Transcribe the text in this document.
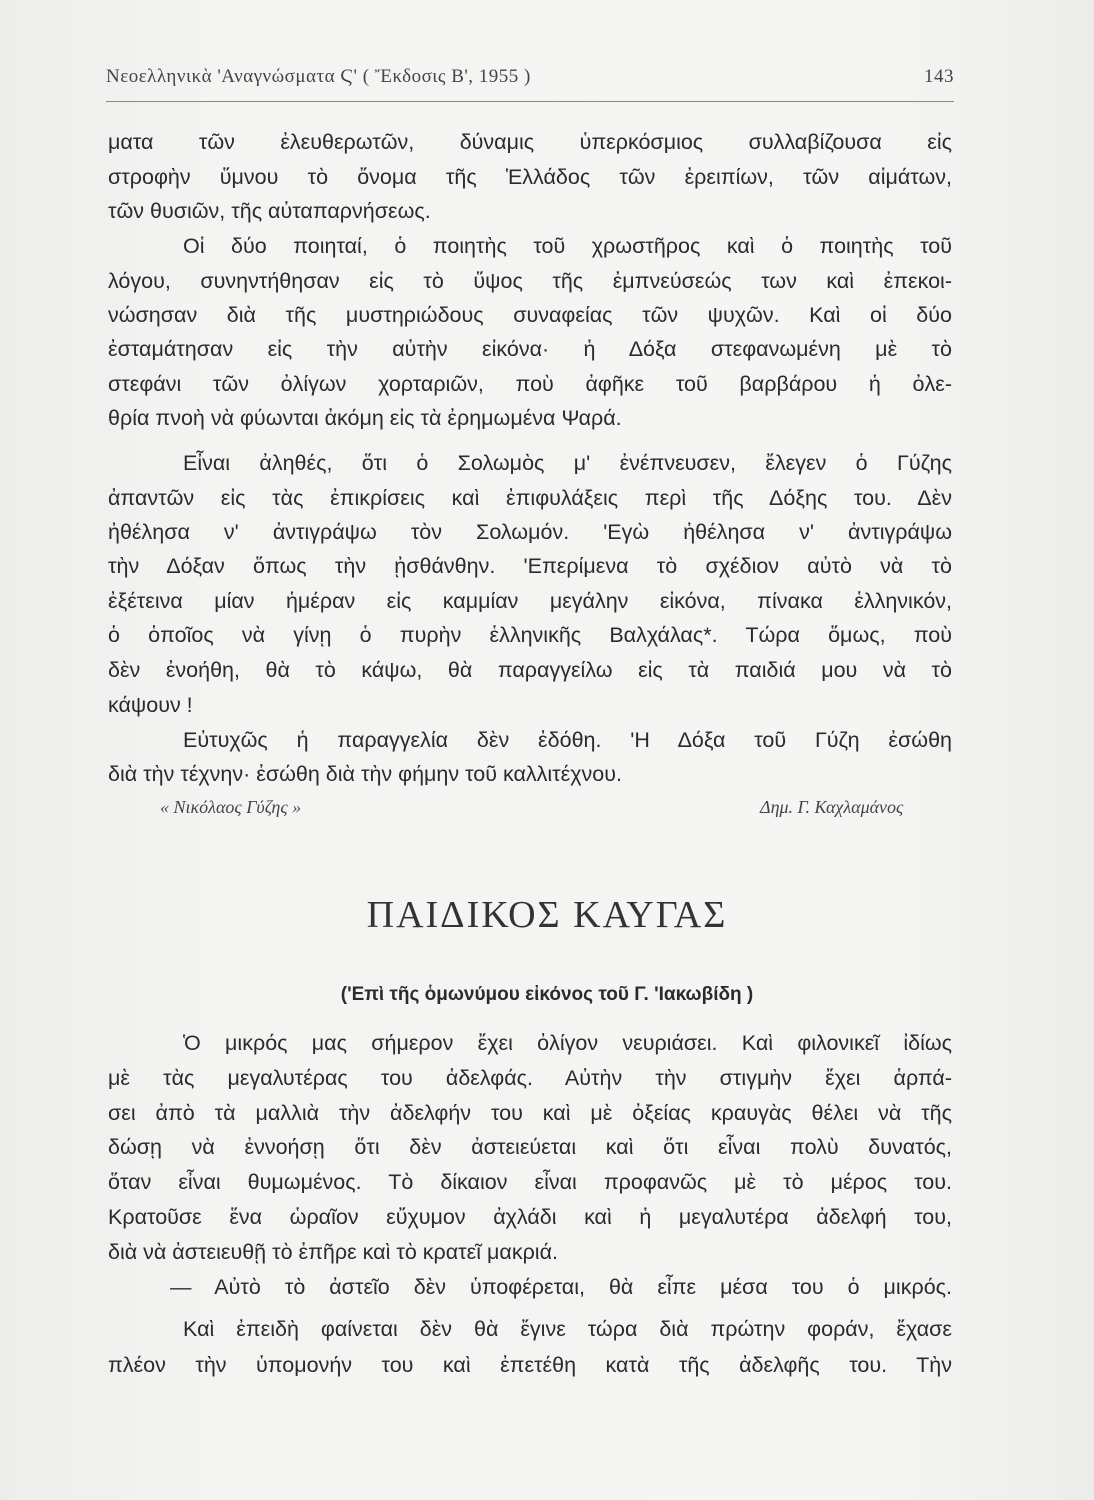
Νεοελληνικὰ 'Αναγνώσματα Ϛ' ( Ἔκδοσις Β', 1955 )	143
ματα τῶν ἐλευθερωτῶν, δύναμις ὑπερκόσμιος συλλαβίζουσα εἰς
στροφὴν ὕμνου τὸ ὄνομα τῆς Ἑλλάδος τῶν ἐρειπίων, τῶν αἱμάτων,
τῶν θυσιῶν, τῆς αὐταπαρνήσεως.
Οἱ δύο ποιηταί, ὁ ποιητὴς τοῦ χρωστῆρος καὶ ὁ ποιητὴς τοῦ
λόγου, συνηντήθησαν εἰς τὸ ὕψος τῆς ἐμπνεύσεώς των καὶ ἐπεκοι-
νώσησαν διὰ τῆς μυστηριώδους συναφείας τῶν ψυχῶν. Καὶ οἱ δύο
ἐσταμάτησαν εἰς τὴν αὐτὴν εἰκόνα· ἡ Δόξα στεφανωμένη μὲ τὸ
στεφάνι τῶν ὀλίγων χορταριῶν, ποὺ ἀφῆκε τοῦ βαρβάρου ἡ ὀλε-
θρία πνοὴ νὰ φύωνται ἀκόμη εἰς τὰ ἐρημωμένα Ψαρά.
Εἶναι ἀληθές, ὅτι ὁ Σολωμὸς μ' ἐνέπνευσεν, ἔλεγεν ὁ Γύζης
ἀπαντῶν εἰς τὰς ἐπικρίσεις καὶ ἐπιφυλάξεις περὶ τῆς Δόξης του. Δὲν
ἠθέλησα ν' ἀντιγράψω τὸν Σολωμόν. 'Εγὼ ἠθέλησα ν' ἀντιγράψω
τὴν Δόξαν ὅπως τὴν ᾐσθάνθην. 'Επερίμενα τὸ σχέδιον αὐτὸ νὰ τὸ
ἐξέτεινα μίαν ἡμέραν εἰς καμμίαν μεγάλην εἰκόνα, πίνακα ἑλληνικόν,
ὁ ὁποῖος νὰ γίνῃ ὁ πυρὴν ἑλληνικῆς Βαλχάλας*. Τώρα ὅμως, ποὺ
δὲν ἐνοήθη, θὰ τὸ κάψω, θὰ παραγγείλω εἰς τὰ παιδιά μου νὰ τὸ
κάψουν !
Εὐτυχῶς ἡ παραγγελία δὲν ἐδόθη. 'Η Δόξα τοῦ Γύζη ἐσώθη
διὰ τὴν τέχνην· ἐσώθη διὰ τὴν φήμην τοῦ καλλιτέχνου.
« Νικόλαος Γύζης »	Δημ. Γ. Καχλαμάνος
ΠΑΙΔΙΚΟΣ ΚΑΥΓΑΣ
('Επὶ τῆς ὁμωνύμου εἰκόνος τοῦ Γ. 'Ιακωβίδη )
Ὁ μικρός μας σήμερον ἔχει ὀλίγον νευριάσει. Καὶ φιλονικεῖ ἰδίως
μὲ τὰς μεγαλυτέρας του ἀδελφάς. Αὐτὴν τὴν στιγμὴν ἔχει ἁρπά-
σει ἀπὸ τὰ μαλλιὰ τὴν ἀδελφήν του καὶ μὲ ὀξείας κραυγὰς θέλει νὰ τῆς
δώσῃ νὰ ἐννοήσῃ ὅτι δὲν ἀστειεύεται καὶ ὅτι εἶναι πολὺ δυνατός,
ὅταν εἶναι θυμωμένος. Τὸ δίκαιον εἶναι προφανῶς μὲ τὸ μέρος του.
Κρατοῦσε ἕνα ὡραῖον εὔχυμον ἀχλάδι καὶ ἡ μεγαλυτέρα ἀδελφή του,
διὰ νὰ ἀστειευθῇ τὸ ἐπῆρε καὶ τὸ κρατεῖ μακριά.
— Αὐτὸ τὸ ἀστεῖο δὲν ὑποφέρεται, θὰ εἶπε μέσα του ὁ μικρός.
Καὶ ἐπειδὴ φαίνεται δὲν θὰ ἔγινε τώρα διὰ πρώτην φοράν, ἔχασε
πλέον τὴν ὑπομονήν του καὶ ἐπετέθη κατὰ τῆς ἀδελφῆς του. Τὴν
